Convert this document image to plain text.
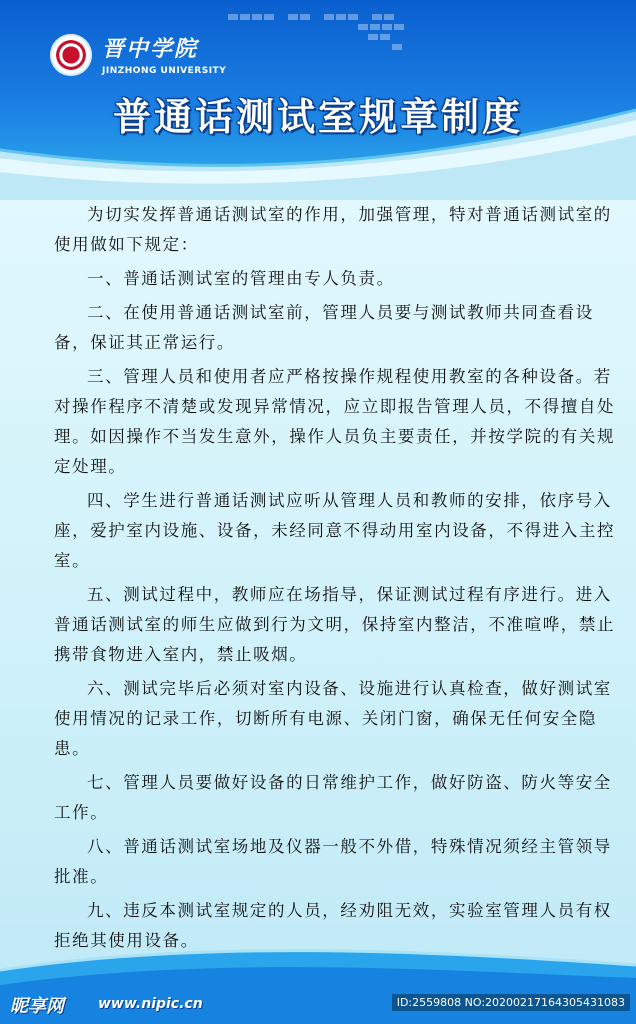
晋中学院
JINZHONG UNIVERSITY
普通话测试室规章制度

为切实发挥普通话测试室的作用，加强管理，特对普通话测试室的使用做如下规定：

一、普通话测试室的管理由专人负责。

二、在使用普通话测试室前，管理人员要与测试教师共同查看设备，保证其正常运行。

三、管理人员和使用者应严格按操作规程使用教室的各种设备。若对操作程序不清楚或发现异常情况，应立即报告管理人员，不得擅自处理。如因操作不当发生意外，操作人员负主要责任，并按学院的有关规定处理。

四、学生进行普通话测试应听从管理人员和教师的安排，依序号入座，爱护室内设施、设备，未经同意不得动用室内设备，不得进入主控室。

五、测试过程中，教师应在场指导，保证测试过程有序进行。进入普通话测试室的师生应做到行为文明，保持室内整洁，不准喧哗，禁止携带食物进入室内，禁止吸烟。

六、测试完毕后必须对室内设备、设施进行认真检查，做好测试室使用情况的记录工作，切断所有电源、关闭门窗，确保无任何安全隐患。

七、管理人员要做好设备的日常维护工作，做好防盗、防火等安全工作。

八、普通话测试室场地及仪器一般不外借，特殊情况须经主管领导批准。

九、违反本测试室规定的人员，经劝阻无效，实验室管理人员有权拒绝其使用设备。

昵享网 www.nipic.cn	ID:2559808 NO:20200217164305431083
